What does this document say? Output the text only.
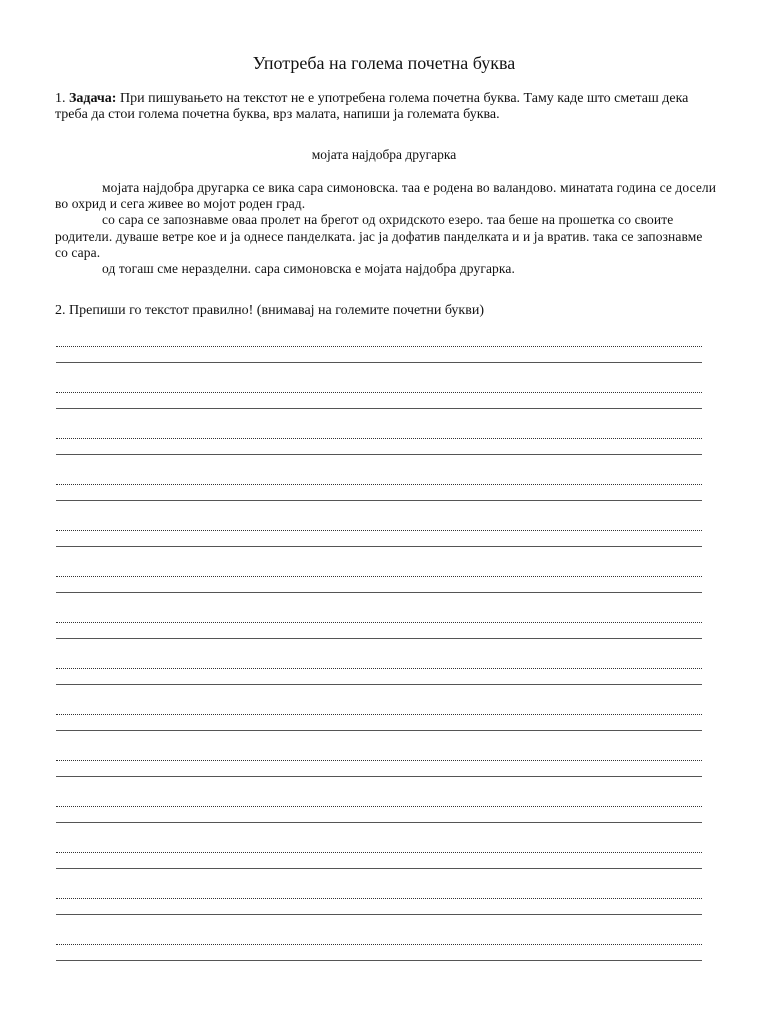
Употреба на голема почетна буква

1. Задача: При пишувањето на текстот не е употребена голема почетна буква. Таму каде што сметаш дека треба да стои голема почетна буква, врз малата, напиши ја големата буква.

мојата најдобра другарка

мојата најдобра другарка се вика сара симоновска. таа е родена во валандово. минатата година се досели во охрид и сега живее во мојот роден град.

со сара се запознавме оваа пролет на брегот од охридското езеро. таа беше на прошетка со своите родители. дуваше ветре кое и ја однесе панделката. јас ја дофатив панделката и и ја вратив. така се запознавме со сара.

од тогаш сме неразделни. сара симоновска е мојата најдобра другарка.

2. Препиши го текстот правилно! (внимавај на големите почетни букви)
